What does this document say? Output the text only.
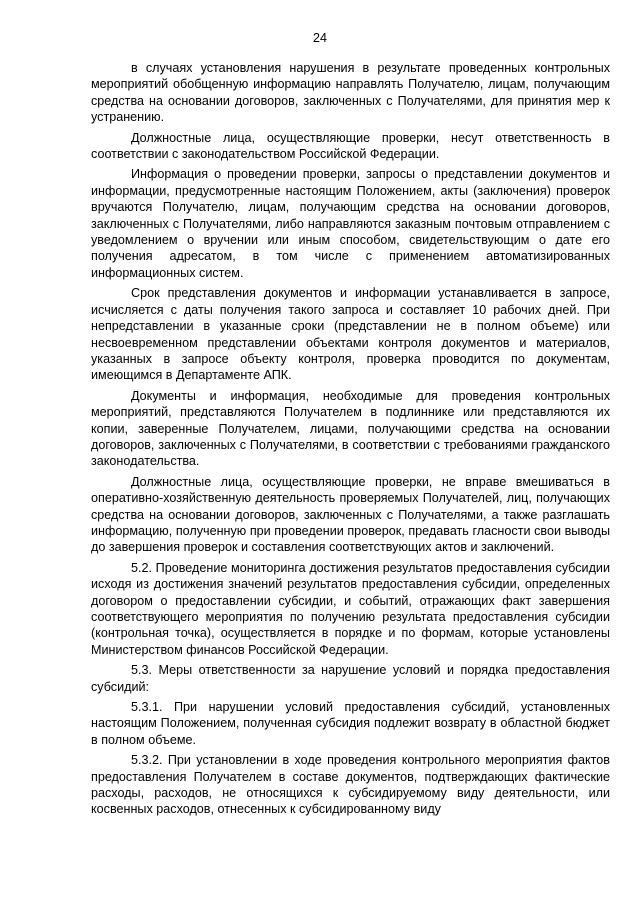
24

в случаях установления нарушения в результате проведенных контрольных мероприятий обобщенную информацию направлять Получателю, лицам, получающим средства на основании договоров, заключенных с Получателями, для принятия мер к устранению.

Должностные лица, осуществляющие проверки, несут ответственность в соответствии с законодательством Российской Федерации.

Информация о проведении проверки, запросы о представлении документов и информации, предусмотренные настоящим Положением, акты (заключения) проверок вручаются Получателю, лицам, получающим средства на основании договоров, заключенных с Получателями, либо направляются заказным почтовым отправлением с уведомлением о вручении или иным способом, свидетельствующим о дате его получения адресатом, в том числе с применением автоматизированных информационных систем.

Срок представления документов и информации устанавливается в запросе, исчисляется с даты получения такого запроса и составляет 10 рабочих дней. При непредставлении в указанные сроки (представлении не в полном объеме) или несвоевременном представлении объектами контроля документов и материалов, указанных в запросе объекту контроля, проверка проводится по документам, имеющимся в Департаменте АПК.

Документы и информация, необходимые для проведения контрольных мероприятий, представляются Получателем в подлиннике или представляются их копии, заверенные Получателем, лицами, получающими средства на основании договоров, заключенных с Получателями, в соответствии с требованиями гражданского законодательства.

Должностные лица, осуществляющие проверки, не вправе вмешиваться в оперативно-хозяйственную деятельность проверяемых Получателей, лиц, получающих средства на основании договоров, заключенных с Получателями, а также разглашать информацию, полученную при проведении проверок, предавать гласности свои выводы до завершения проверок и составления соответствующих актов и заключений.

5.2. Проведение мониторинга достижения результатов предоставления субсидии исходя из достижения значений результатов предоставления субсидии, определенных договором о предоставлении субсидии, и событий, отражающих факт завершения соответствующего мероприятия по получению результата предоставления субсидии (контрольная точка), осуществляется в порядке и по формам, которые установлены Министерством финансов Российской Федерации.

5.3. Меры ответственности за нарушение условий и порядка предоставления субсидий:

5.3.1. При нарушении условий предоставления субсидий, установленных настоящим Положением, полученная субсидия подлежит возврату в областной бюджет в полном объеме.

5.3.2. При установлении в ходе проведения контрольного мероприятия фактов предоставления Получателем в составе документов, подтверждающих фактические расходы, расходов, не относящихся к субсидируемому виду деятельности, или косвенных расходов, отнесенных к субсидированному виду
